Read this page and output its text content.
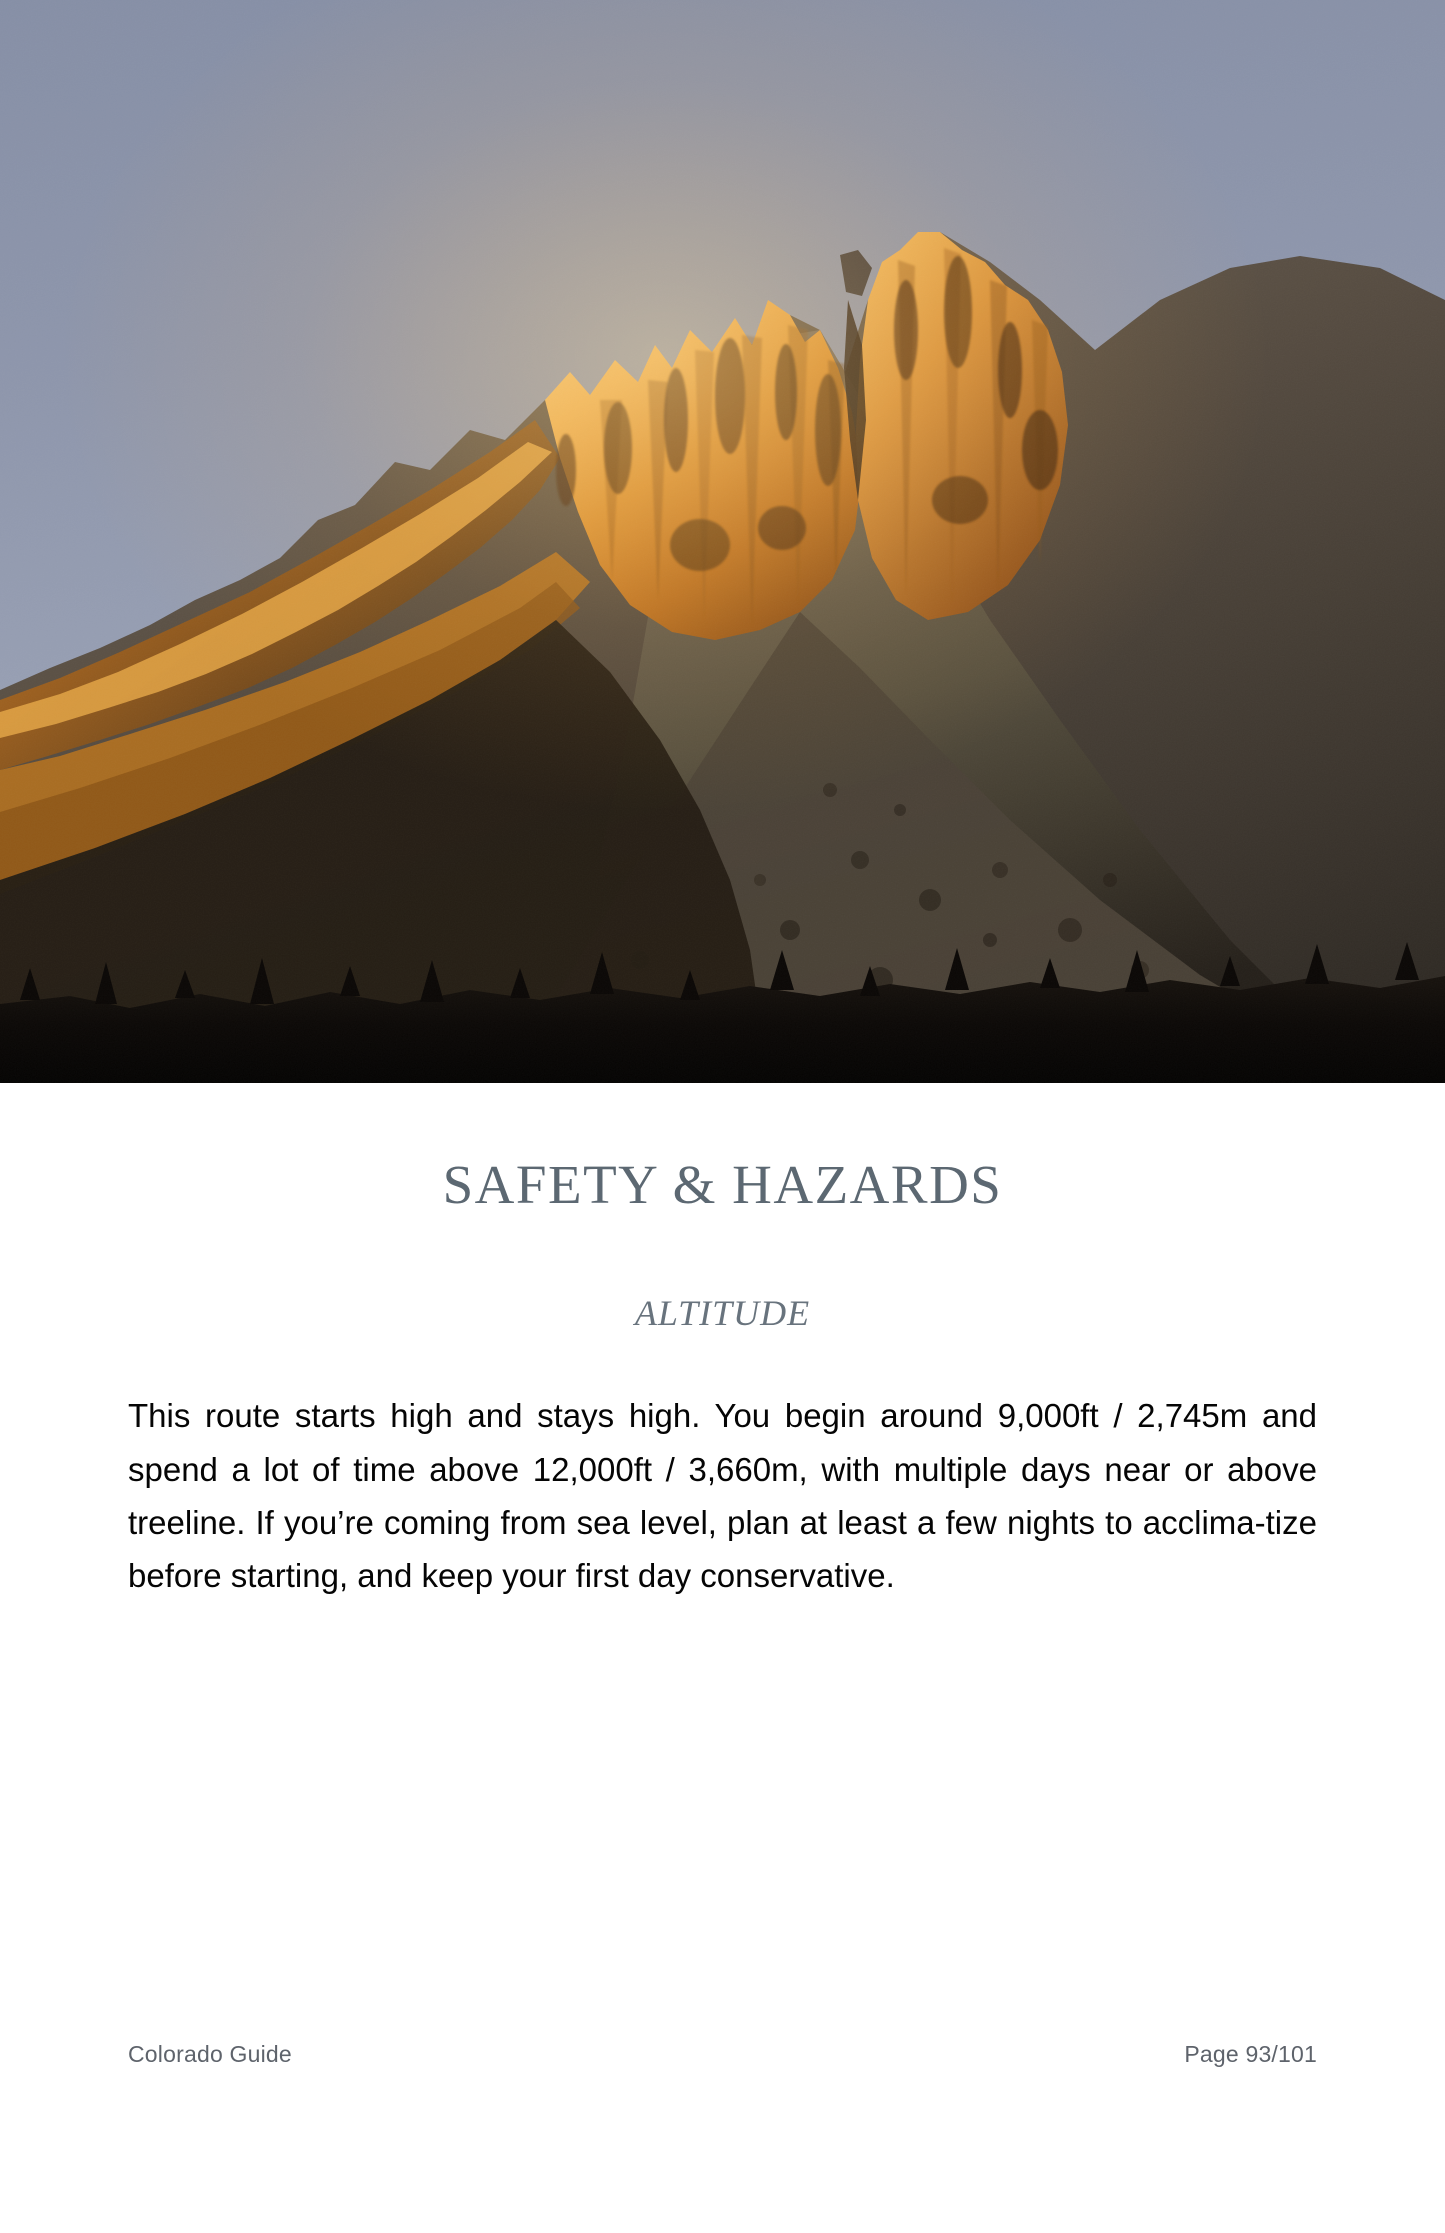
SAFETY & HAZARDS
ALTITUDE

This route starts high and stays high. You begin around 9,000ft / 2,745m and spend a lot of time above 12,000ft / 3,660m, with multiple days near or above treeline. If you’re coming from sea level, plan at least a few nights to acclima-tize before starting, and keep your first day conservative.

Colorado Guide	Page 93/101
